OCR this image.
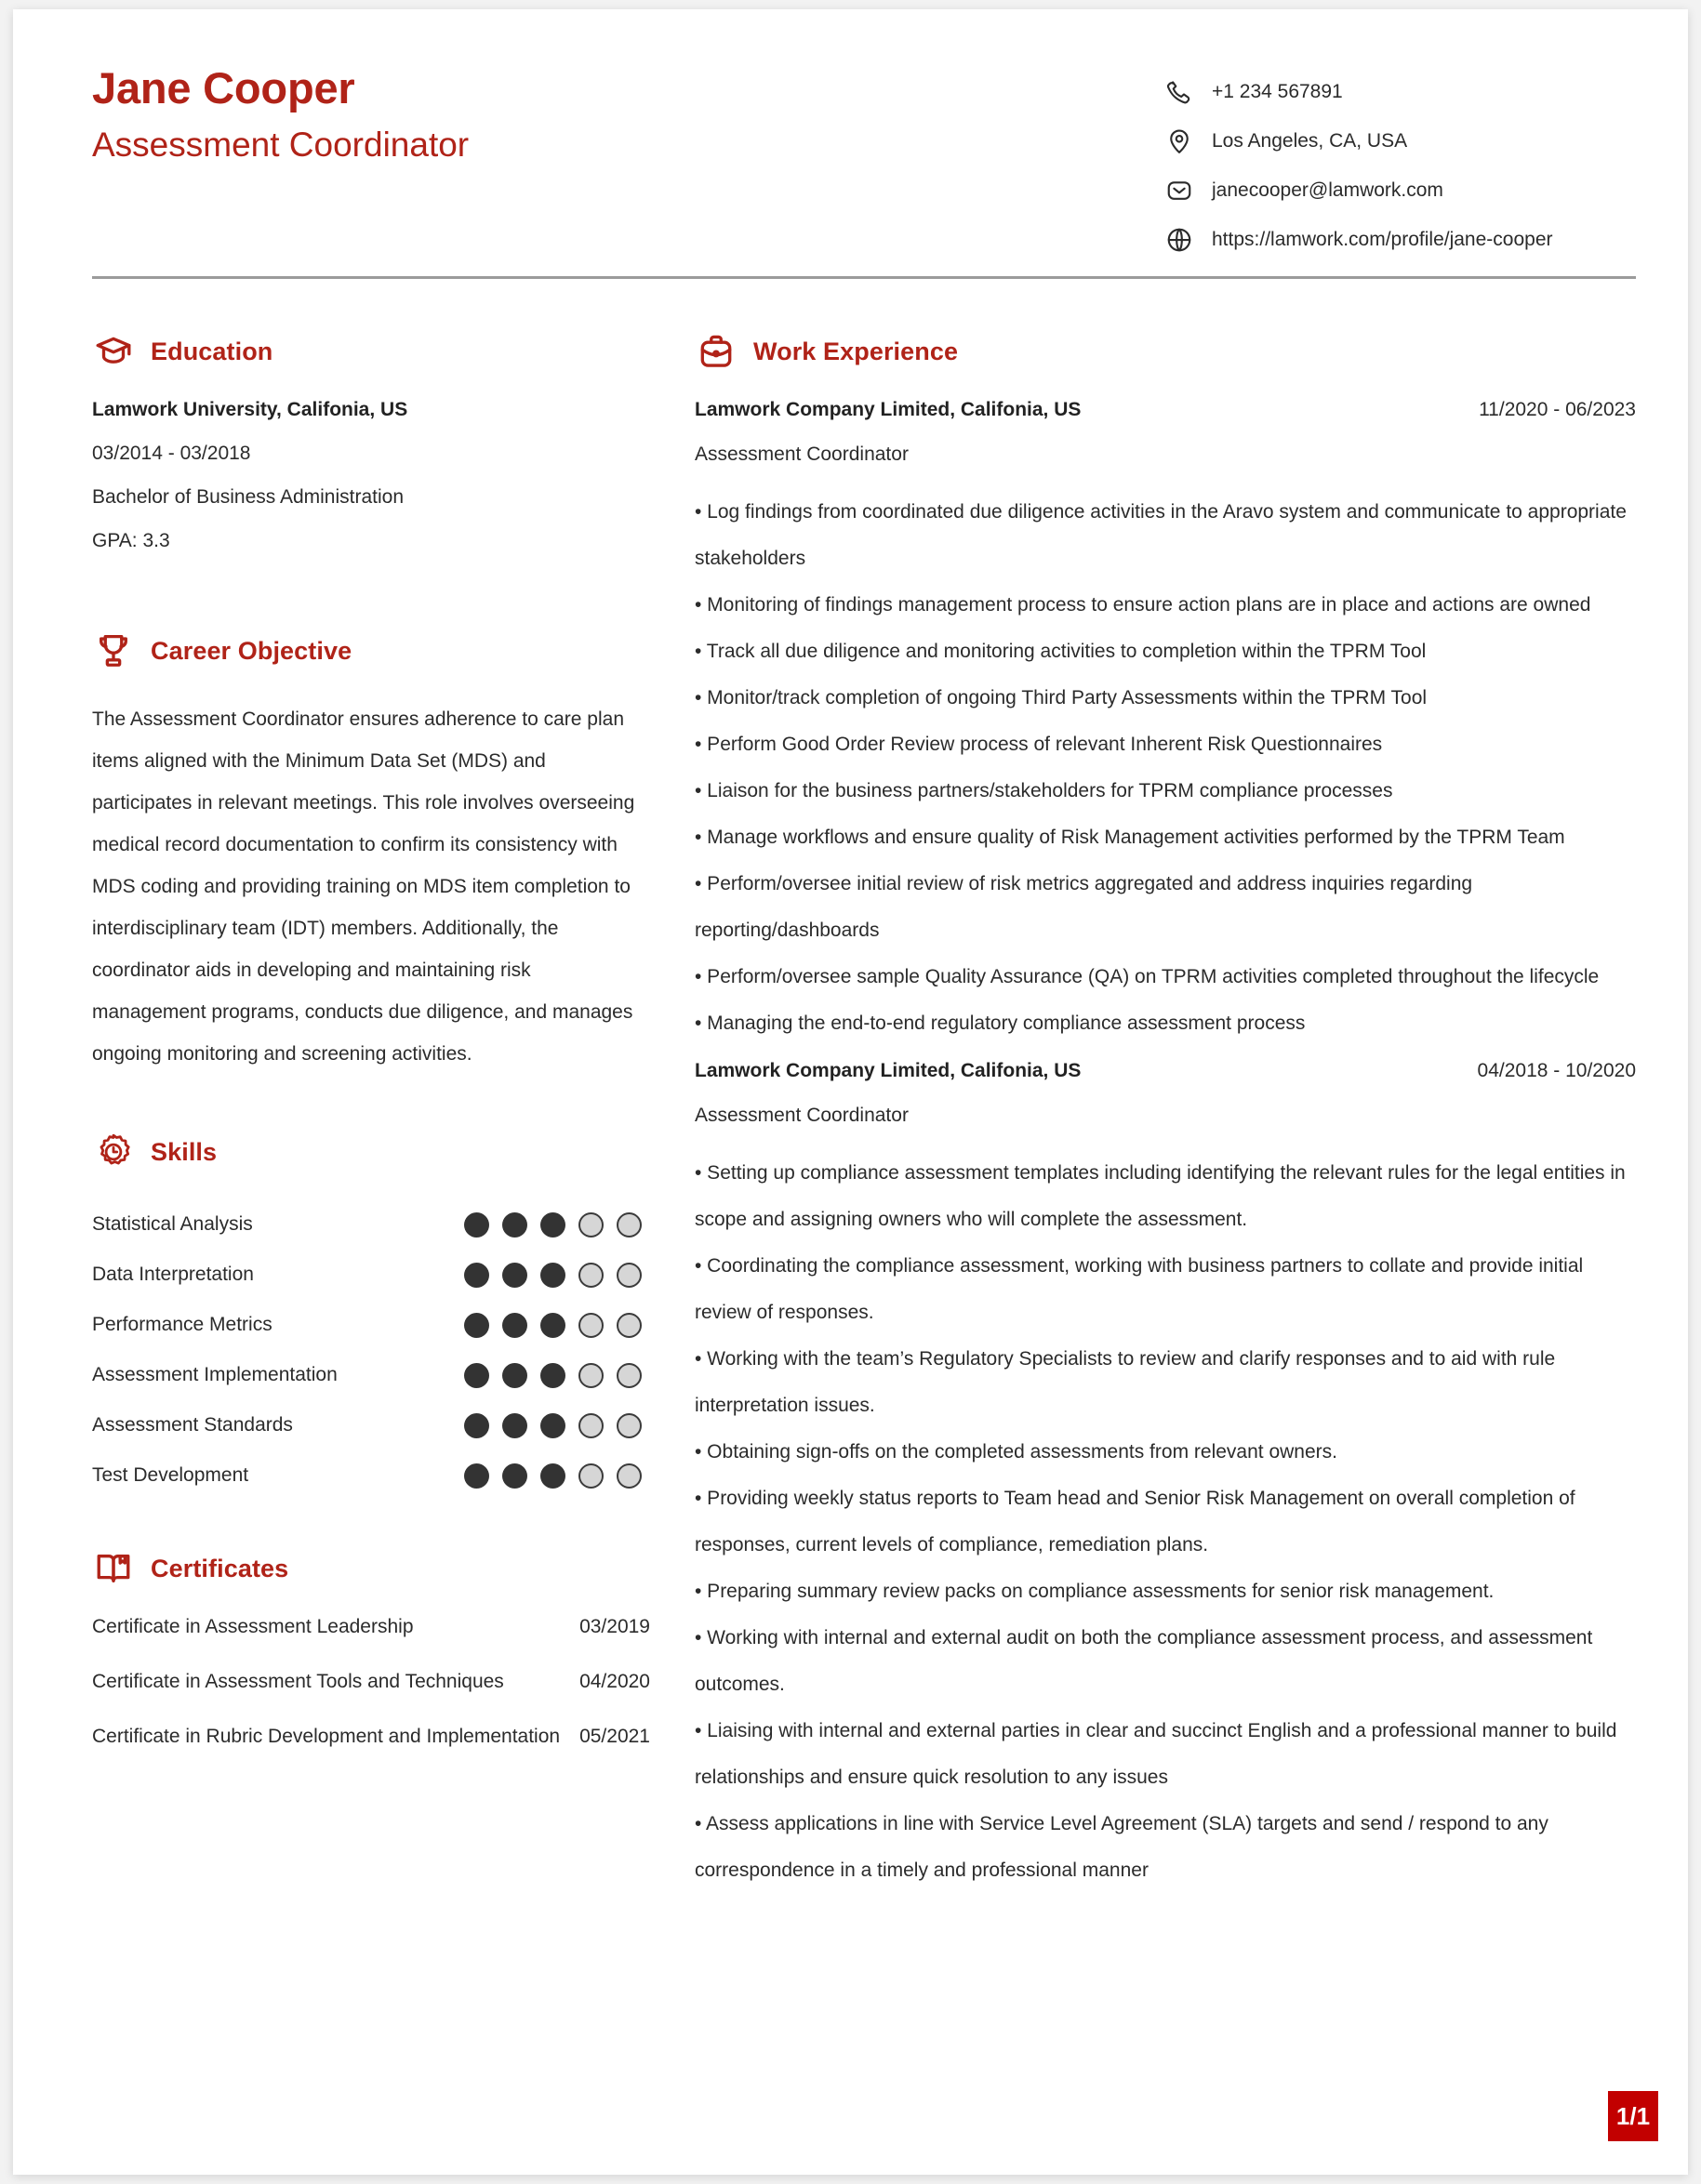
Jane Cooper
Assessment Coordinator
+1 234 567891
Los Angeles, CA, USA
janecooper@lamwork.com
https://lamwork.com/profile/jane-cooper
Education
Lamwork University, Califonia, US
03/2014 - 03/2018
Bachelor of Business Administration
GPA: 3.3
Career Objective
The Assessment Coordinator ensures adherence to care plan items aligned with the Minimum Data Set (MDS) and participates in relevant meetings. This role involves overseeing medical record documentation to confirm its consistency with MDS coding and providing training on MDS item completion to interdisciplinary team (IDT) members. Additionally, the coordinator aids in developing and maintaining risk management programs, conducts due diligence, and manages ongoing monitoring and screening activities.
Skills
Statistical Analysis
Data Interpretation
Performance Metrics
Assessment Implementation
Assessment Standards
Test Development
Certificates
Certificate in Assessment Leadership	03/2019
Certificate in Assessment Tools and Techniques	04/2020
Certificate in Rubric Development and Implementation	05/2021
Work Experience
Lamwork Company Limited, Califonia, US	11/2020 - 06/2023
Assessment Coordinator
• Log findings from coordinated due diligence activities in the Aravo system and communicate to appropriate stakeholders
• Monitoring of findings management process to ensure action plans are in place and actions are owned
• Track all due diligence and monitoring activities to completion within the TPRM Tool
• Monitor/track completion of ongoing Third Party Assessments within the TPRM Tool
• Perform Good Order Review process of relevant Inherent Risk Questionnaires
• Liaison for the business partners/stakeholders for TPRM compliance processes
• Manage workflows and ensure quality of Risk Management activities performed by the TPRM Team
• Perform/oversee initial review of risk metrics aggregated and address inquiries regarding reporting/dashboards
• Perform/oversee sample Quality Assurance (QA) on TPRM activities completed throughout the lifecycle
• Managing the end-to-end regulatory compliance assessment process
Lamwork Company Limited, Califonia, US	04/2018 - 10/2020
Assessment Coordinator
• Setting up compliance assessment templates including identifying the relevant rules for the legal entities in scope and assigning owners who will complete the assessment.
• Coordinating the compliance assessment, working with business partners to collate and provide initial review of responses.
• Working with the team’s Regulatory Specialists to review and clarify responses and to aid with rule interpretation issues.
• Obtaining sign-offs on the completed assessments from relevant owners.
• Providing weekly status reports to Team head and Senior Risk Management on overall completion of responses, current levels of compliance, remediation plans.
• Preparing summary review packs on compliance assessments for senior risk management.
• Working with internal and external audit on both the compliance assessment process, and assessment outcomes.
• Liaising with internal and external parties in clear and succinct English and a professional manner to build relationships and ensure quick resolution to any issues
• Assess applications in line with Service Level Agreement (SLA) targets and send / respond to any correspondence in a timely and professional manner
1/1
